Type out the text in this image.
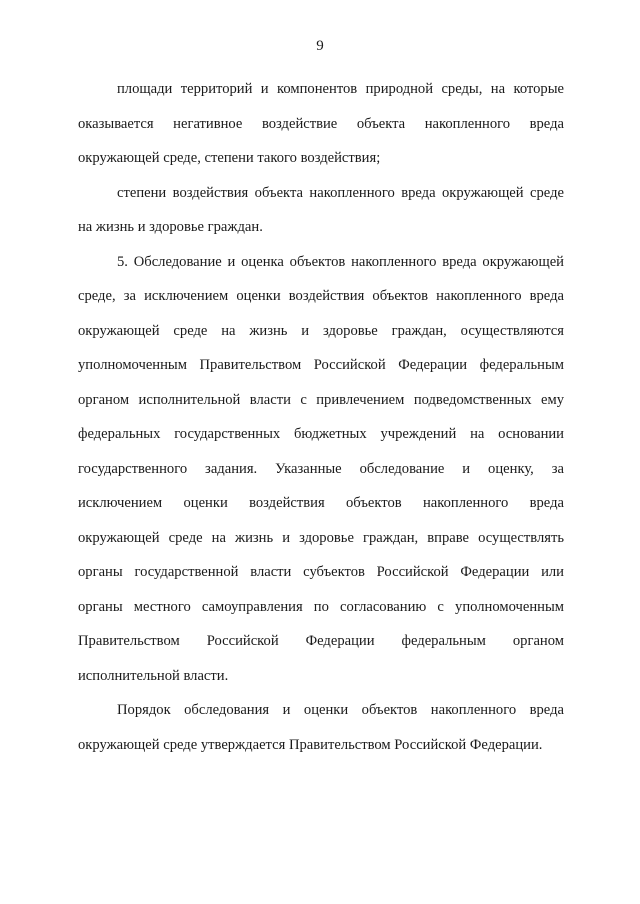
9

площади территорий и компонентов природной среды, на которые
оказывается негативное воздействие объекта накопленного вреда
окружающей среде, степени такого воздействия;

степени воздействия объекта накопленного вреда окружающей среде
на жизнь и здоровье граждан.

5. Обследование и оценка объектов накопленного вреда окружающей
среде, за исключением оценки воздействия объектов накопленного вреда
окружающей среде на жизнь и здоровье граждан, осуществляются
уполномоченным Правительством Российской Федерации федеральным
органом исполнительной власти с привлечением подведомственных ему
федеральных государственных бюджетных учреждений на основании
государственного задания. Указанные обследование и оценку, за
исключением оценки воздействия объектов накопленного вреда
окружающей среде на жизнь и здоровье граждан, вправе осуществлять
органы государственной власти субъектов Российской Федерации или
органы местного самоуправления по согласованию с уполномоченным
Правительством Российской Федерации федеральным органом
исполнительной власти.

Порядок обследования и оценки объектов накопленного вреда
окружающей среде утверждается Правительством Российской Федерации.
